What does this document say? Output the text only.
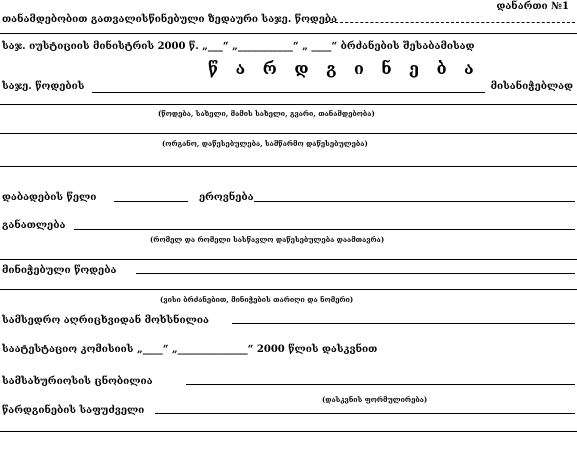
დანართი №1
თანამდებობით გათვალისწინებული ზედაური საჯე. წოდება
საჯ. იუსტიციის მინისტრის 2000 წ. „___“ „___________“ „ ____“ ბრძანების შესაბამისად
წ ა რ დ გ ი ნ ე ბ ა
საჯე. წოდების	მისანიჭებლად
(წოდება, სახელი, მამის სახელი, გვარი, თანამდებობა)
(ორგანო, დაწესებულება, სამწარმო დაწესებულება)
დაბადების წელი	ეროვნება
განათლება
(რომელ და რომელი სასწავლო დაწესებულება დაამთავრა)
მინიჭებული წოდება
(ვისი ბრძანებით, მინიჭების თარიღი და ნომერი)
სამსედრო აღრიცხვიდან მოხსნილია
საატესტაციო კომისიის „____“ „______________“ 2000 წლის დასკვნით
სამსახურიოსის ცნობილია
(დასკვნის ფორმულირება)
წარდგინების საფუძველი
